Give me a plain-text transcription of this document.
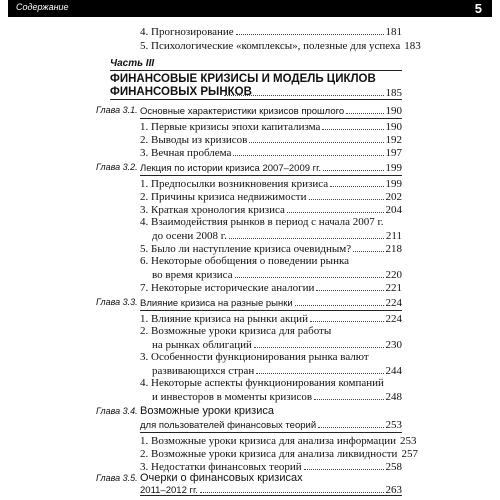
Содержание	5
4. Прогнозирование	181
5. Психологические «комплексы», полезные для успеха 183
Часть III
ФИНАНСОВЫЕ КРИЗИСЫ И МОДЕЛЬ ЦИКЛОВ
ФИНАНСОВЫХ РЫНКОВ	185
Глава 3.1. Основные характеристики кризисов прошлого	190
1. Первые кризисы эпохи капитализма	190
2. Выводы из кризисов	192
3. Вечная проблема	197
Глава 3.2. Лекция по истории кризиса 2007–2009 гг.	199
1. Предпосылки возникновения кризиса	199
2. Причины кризиса недвижимости	202
3. Краткая хронология кризиса	204
4. Взаимодействия рынков в период с начала 2007 г.
до осени 2008 г.	211
5. Было ли наступление кризиса очевидным?	218
6. Некоторые обобщения о поведении рынка
во время кризиса	220
7. Некоторые исторические аналогии	221
Глава 3.3. Влияние кризиса на разные рынки	224
1. Влияние кризиса на рынки акций	224
2. Возможные уроки кризиса для работы
на рынках облигаций	230
3. Особенности функционирования рынка валют
развивающихся стран	244
4. Некоторые аспекты функционирования компаний
и инвесторов в моменты кризисов	248
Глава 3.4. Возможные уроки кризиса
для пользователей финансовых теорий	253
1. Возможные уроки кризиса для анализа информации 253
2. Возможные уроки кризиса для анализа ликвидности 257
3. Недостатки финансовых теорий	258
Глава 3.5. Очерки о финансовых кризисах
2011–2012 гг.	263
